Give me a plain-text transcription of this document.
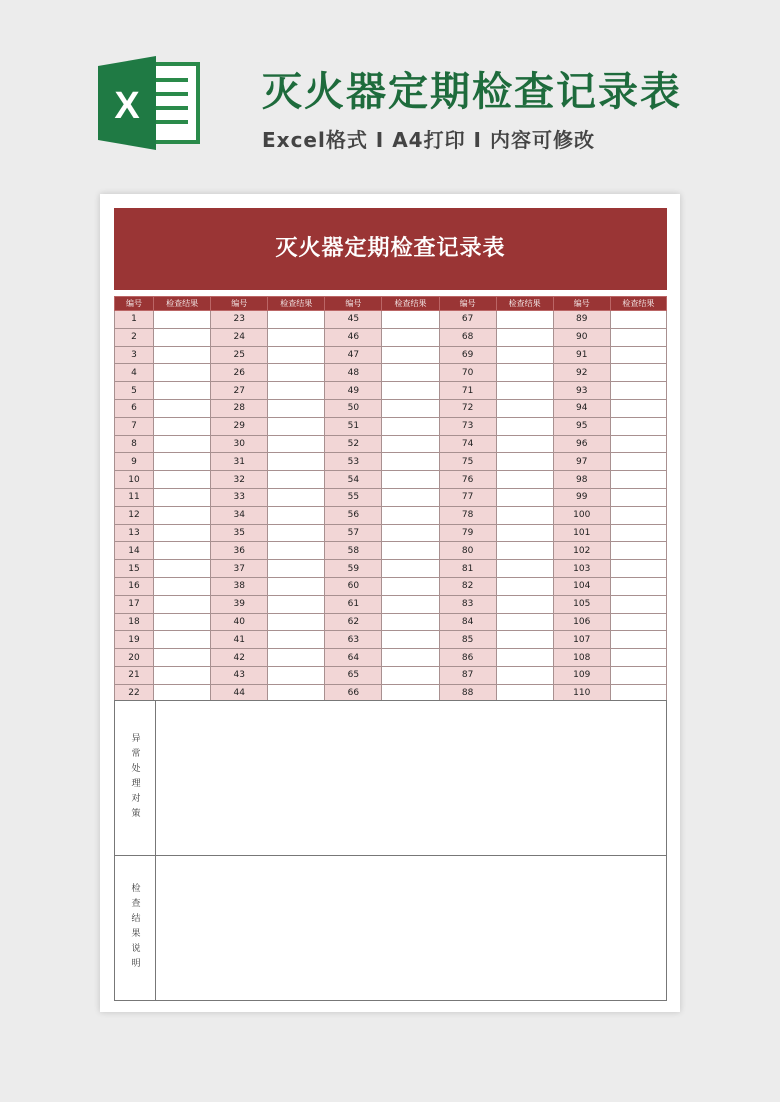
X	灭火器定期检查记录表
Excel格式 Ⅰ A4打印 Ⅰ 内容可修改
灭火器定期检查记录表
编号	检查结果	编号	检查结果	编号	检查结果	编号	检查结果	编号	检查结果
1		23		45		67		89	
2		24		46		68		90	
3		25		47		69		91	
4		26		48		70		92	
5		27		49		71		93	
6		28		50		72		94	
7		29		51		73		95	
8		30		52		74		96	
9		31		53		75		97	
10		32		54		76		98	
11		33		55		77		99	
12		34		56		78		100	
13		35		57		79		101	
14		36		58		80		102	
15		37		59		81		103	
16		38		60		82		104	
17		39		61		83		105	
18		40		62		84		106	
19		41		63		85		107	
20		42		64		86		108	
21		43		65		87		109	
22		44		66		88		110	
异常处理对策
检查结果说明
